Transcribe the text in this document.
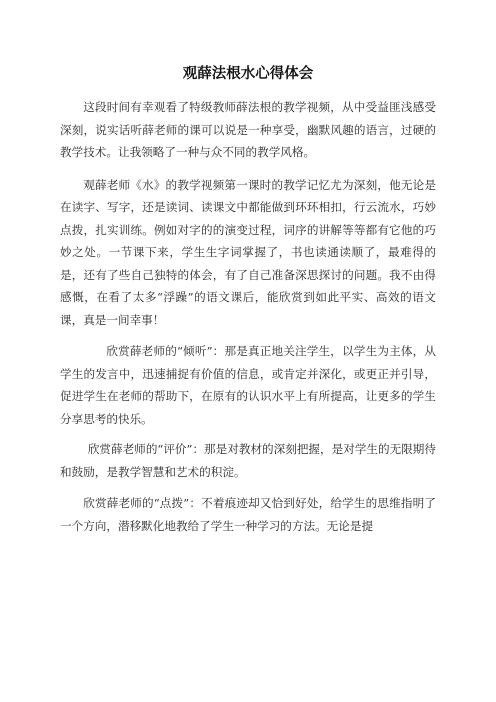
观薛法根水心得体会

这段时间有幸观看了特级教师薛法根的教学视频，从中受益匪浅感受深刻，说实话听薛老师的课可以说是一种享受，幽默风趣的语言，过硬的教学技术。让我领略了一种与众不同的教学风格。

观薛老师《水》的教学视频第一课时的教学记忆尤为深刻，他无论是在读字、写字，还是读词、读课文中都能做到环环相扣，行云流水，巧妙点拨，扎实训练。例如对字的的演变过程，词序的讲解等等都有它他的巧妙之处。一节课下来，学生生字词掌握了，书也读通读顺了，最难得的是，还有了些自己独特的体会，有了自己准备深思探讨的问题。我不由得感慨，在看了太多“浮躁”的语文课后，能欣赏到如此平实、高效的语文课，真是一间幸事！

欣赏薛老师的“倾听”：那是真正地关注学生，以学生为主体，从学生的发言中，迅速捕捉有价值的信息，或肯定并深化，或更正并引导，促进学生在老师的帮助下，在原有的认识水平上有所提高，让更多的学生分享思考的快乐。

欣赏薛老师的“评价”：那是对教材的深刻把握，是对学生的无限期待和鼓励，是教学智慧和艺术的积淀。

欣赏薛老师的“点拨”：不着痕迹却又恰到好处，给学生的思维指明了一个方向，潜移默化地教给了学生一种学习的方法。无论是提
